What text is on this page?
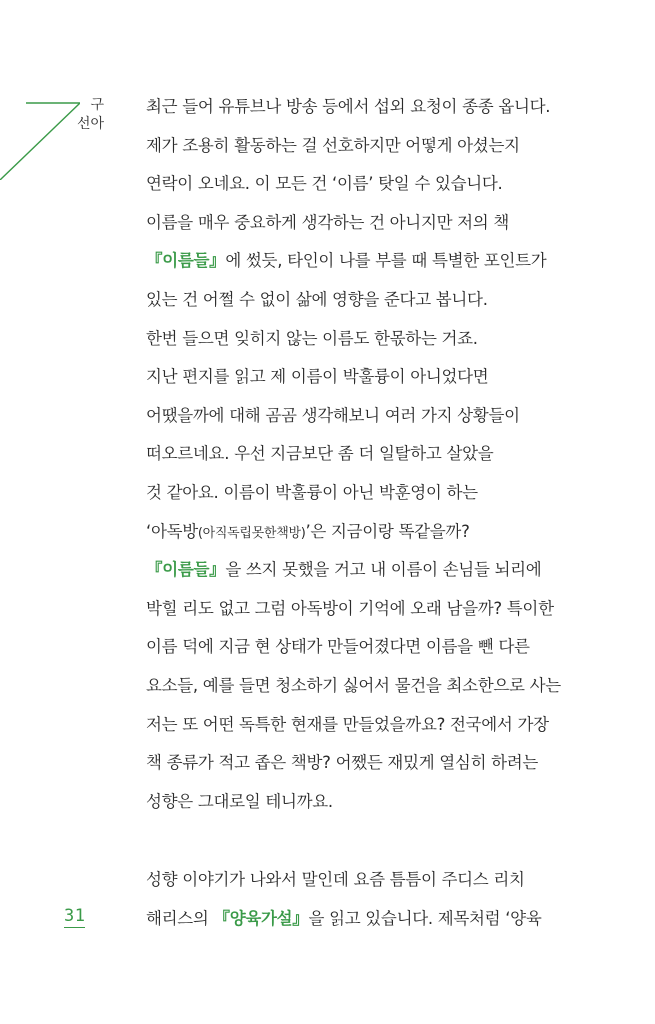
구
선아
최근 들어 유튜브나 방송 등에서 섭외 요청이 종종 옵니다.
제가 조용히 활동하는 걸 선호하지만 어떻게 아셨는지
연락이 오네요. 이 모든 건 ‘이름’ 탓일 수 있습니다.
이름을 매우 중요하게 생각하는 건 아니지만 저의 책
『이름들』에 썼듯, 타인이 나를 부를 때 특별한 포인트가
있는 건 어쩔 수 없이 삶에 영향을 준다고 봅니다.
한번 들으면 잊히지 않는 이름도 한몫하는 거죠.
지난 편지를 읽고 제 이름이 박훌륭이 아니었다면
어땠을까에 대해 곰곰 생각해보니 여러 가지 상황들이
떠오르네요. 우선 지금보단 좀 더 일탈하고 살았을
것 같아요. 이름이 박훌륭이 아닌 박훈영이 하는
‘아독방(아직독립못한책방)’은 지금이랑 똑같을까?
『이름들』을 쓰지 못했을 거고 내 이름이 손님들 뇌리에
박힐 리도 없고 그럼 아독방이 기억에 오래 남을까? 특이한
이름 덕에 지금 현 상태가 만들어졌다면 이름을 뺀 다른
요소들, 예를 들면 청소하기 싫어서 물건을 최소한으로 사는
저는 또 어떤 독특한 현재를 만들었을까요? 전국에서 가장
책 종류가 적고 좁은 책방? 어쨌든 재밌게 열심히 하려는
성향은 그대로일 테니까요.
성향 이야기가 나와서 말인데 요즘 틈틈이 주디스 리치
해리스의 『양육가설』을 읽고 있습니다. 제목처럼 ‘양육
31
